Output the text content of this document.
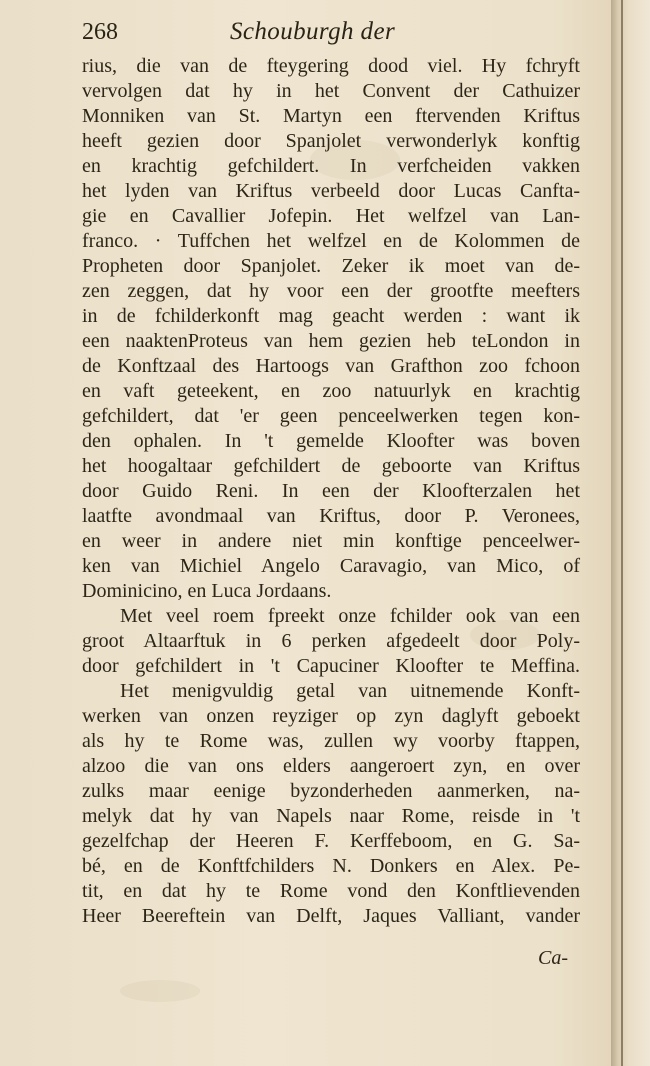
268	Schouburgh der
rius, die van de fteygering dood viel. Hy fchryft
vervolgen dat hy in het Convent der Cathuizer
Monniken van St. Martyn een ftervenden Kriftus
heeft gezien door Spanjolet verwonderlyk konftig
en krachtig gefchildert. In verfcheiden vakken
het lyden van Kriftus verbeeld door Lucas Canfta-
gie en Cavallier Jofepin. Het welfzel van Lan-
franco. · Tuffchen het welfzel en de Kolommen de
Propheten door Spanjolet. Zeker ik moet van de-
zen zeggen, dat hy voor een der grootfte meefters
in de fchilderkonft mag geacht werden : want ik
een naaktenProteus van hem gezien heb teLondon in
de Konftzaal des Hartoogs van Grafthon zoo fchoon
en vaft geteekent, en zoo natuurlyk en krachtig
gefchildert, dat 'er geen penceelwerken tegen kon-
den ophalen. In 't gemelde Kloofter was boven
het hoogaltaar gefchildert de geboorte van Kriftus
door Guido Reni. In een der Kloofterzalen het
laatfte avondmaal van Kriftus, door P. Veronees,
en weer in andere niet min konftige penceelwer-
ken van Michiel Angelo Caravagio, van Mico, of
Dominicino, en Luca Jordaans.
Met veel roem fpreekt onze fchilder ook van een
groot Altaarftuk in 6 perken afgedeelt door Poly-
door gefchildert in 't Capuciner Kloofter te Meffina.
Het menigvuldig getal van uitnemende Konft-
werken van onzen reyziger op zyn daglyft geboekt
als hy te Rome was, zullen wy voorby ftappen,
alzoo die van ons elders aangeroert zyn, en over
zulks maar eenige byzonderheden aanmerken, na-
melyk dat hy van Napels naar Rome, reisde in 't
gezelfchap der Heeren F. Kerffeboom, en G. Sa-
bé, en de Konftfchilders N. Donkers en Alex. Pe-
tit, en dat hy te Rome vond den Konftlievenden
Heer Beereftein van Delft, Jaques Valliant, vander
Ca-
